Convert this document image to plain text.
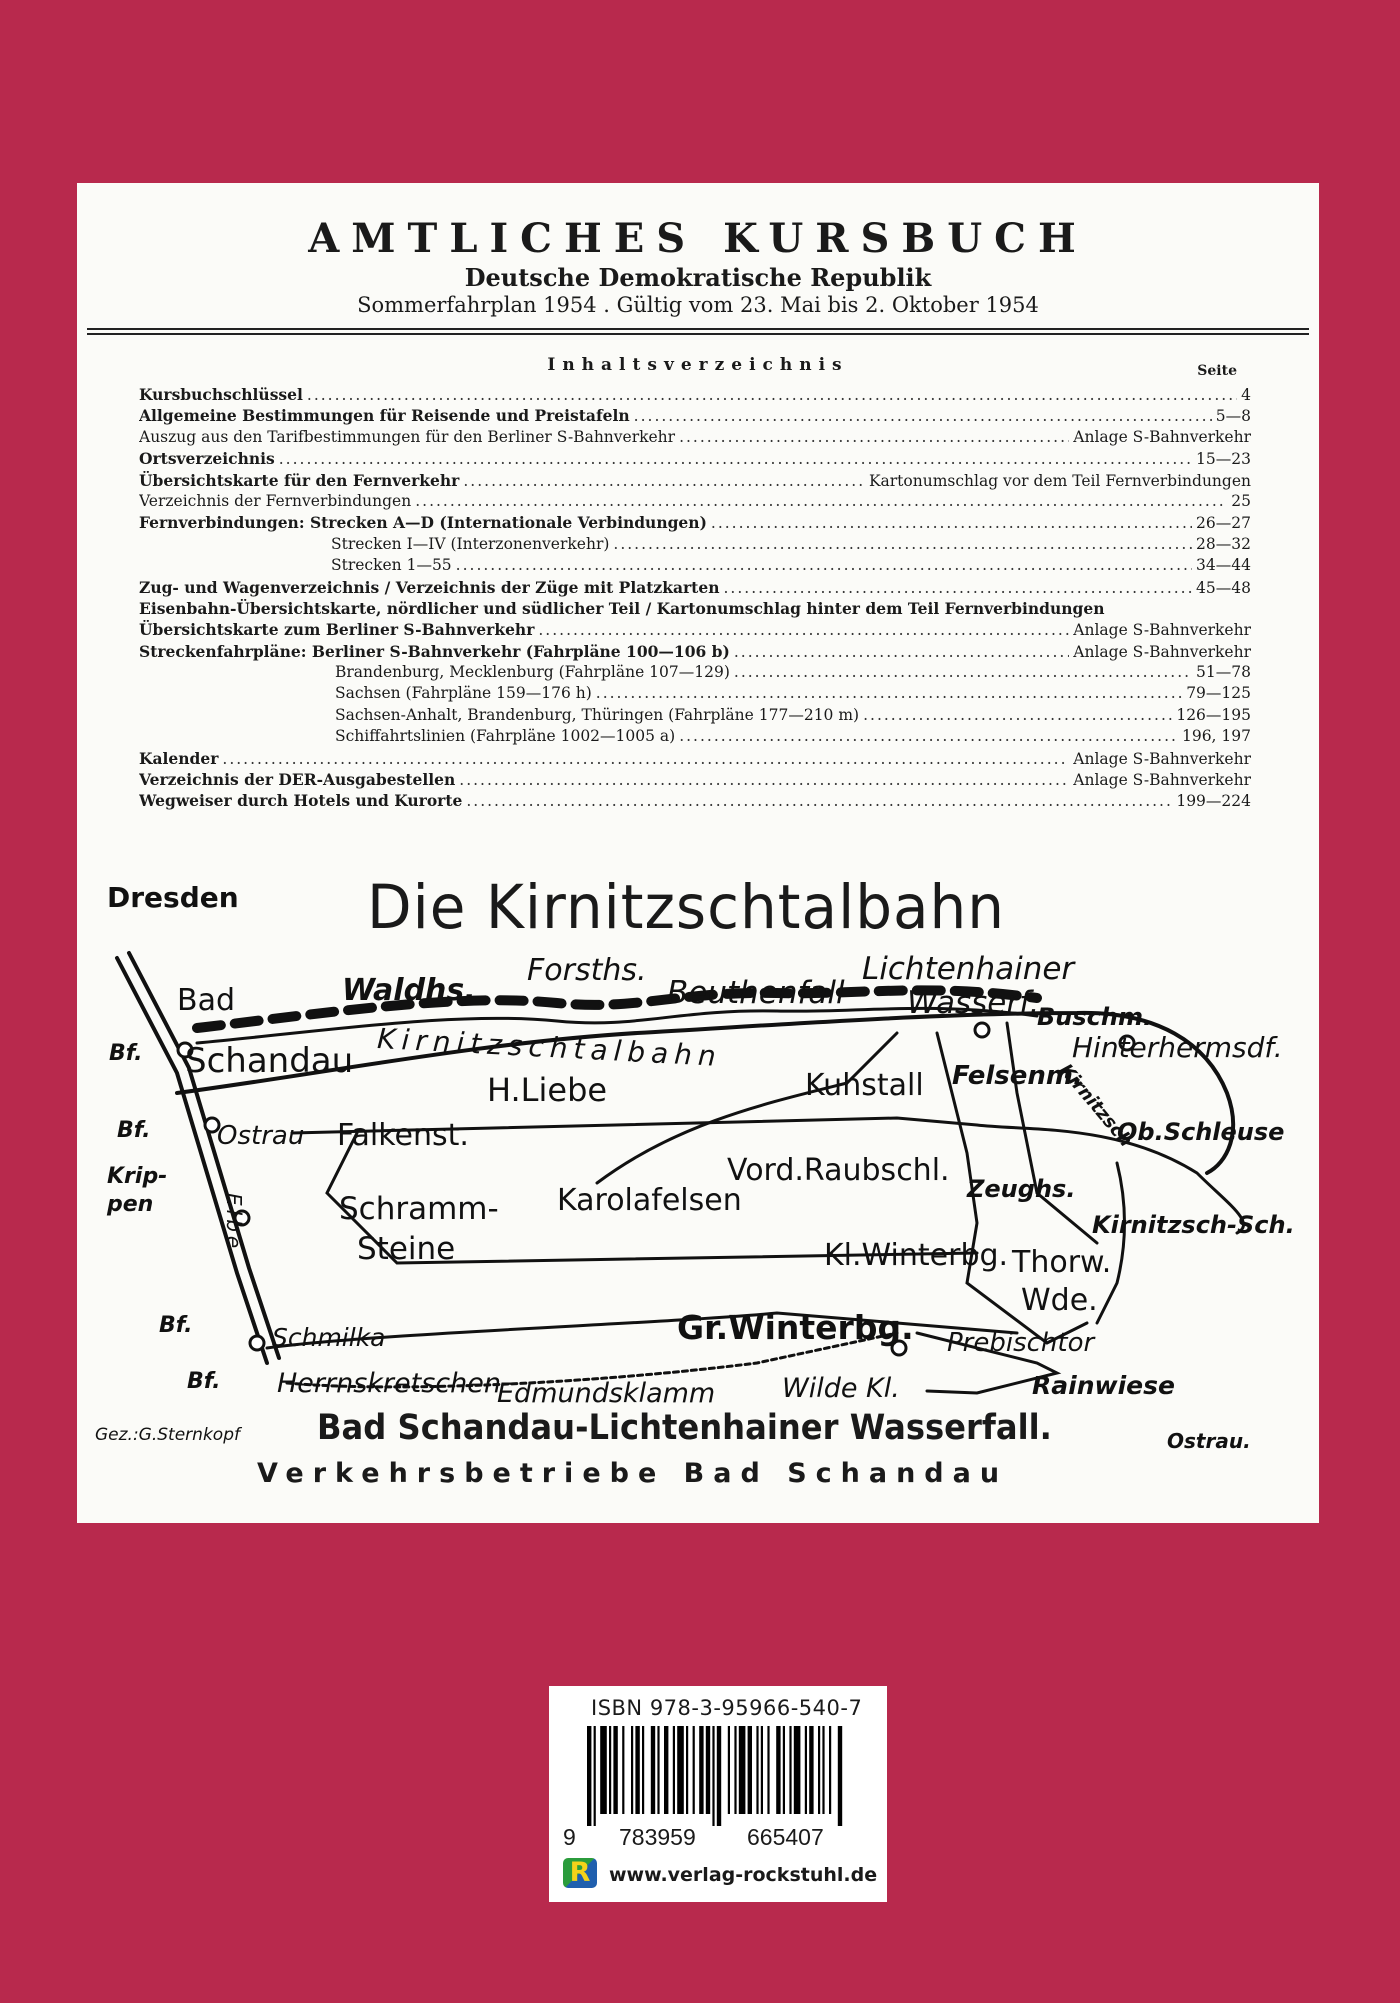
AMTLICHES KURSBUCH
Deutsche Demokratische Republik
Sommerfahrplan 1954 . Gültig vom 23. Mai bis 2. Oktober 1954
Inhaltsverzeichnis	Seite
Kursbuchschlüssel .....	4
Allgemeine Bestimmungen für Reisende und Preistafeln .....	5—8
Auszug aus den Tarifbestimmungen für den Berliner S-Bahnverkehr .....	Anlage S-Bahnverkehr
Ortsverzeichnis .....	15—23
Übersichtskarte für den Fernverkehr .....	Kartonumschlag vor dem Teil Fernverbindungen
Verzeichnis der Fernverbindungen .....	25
Fernverbindungen: Strecken A—D (Internationale Verbindungen) .....	26—27
Strecken I—IV (Interzonenverkehr) .....	28—32
Strecken 1—55 .....	34—44
Zug- und Wagenverzeichnis / Verzeichnis der Züge mit Platzkarten .....	45—48
Eisenbahn-Übersichtskarte, nördlicher und südlicher Teil / Kartonumschlag hinter dem Teil Fernverbindungen
Übersichtskarte zum Berliner S-Bahnverkehr .....	Anlage S-Bahnverkehr
Streckenfahrpläne: Berliner S-Bahnverkehr (Fahrpläne 100—106 b) .....	Anlage S-Bahnverkehr
Brandenburg, Mecklenburg (Fahrpläne 107—129) .....	51—78
Sachsen (Fahrpläne 159—176 h) .....	79—125
Sachsen-Anhalt, Brandenburg, Thüringen (Fahrpläne 177—210 m) .....	126—195
Schiffahrtslinien (Fahrpläne 1002—1005 a) .....	196, 197
Kalender .....	Anlage S-Bahnverkehr
Verzeichnis der DER-Ausgabestellen .....	Anlage S-Bahnverkehr
Wegweiser durch Hotels und Kurorte .....	199—224
Dresden Die Kirnitzschtalbahn
Bad
Schandau
Bf.
Bf.
Bf.
Bf.
Waldhs.
Forsths.
Beuthenfall
Lichtenhainer
Wasserf.
Buschm.
Hinterhermsdf.
Kirnitzschtalbahn
H.Liebe	Kuhstall Felsenm.
Kirnitzsch
Ob.Schleuse
Ostrau Falkenst.
Krip-
pen	Elbe
Vord.Raubschl.
Zeughs.
Kirnitzsch-Sch.
Schramm-
Steine
Karolafelsen
Kl.Winterbg. Thorw.
Wde.
Schmilka	Gr.Winterbg. Prebischtor
Herrnskretschen
Edmundsklamm Wilde Kl.	Rainwiese
Gez.:G.Sternkopf Bad Schandau-Lichtenhainer Wasserfall.	Ostrau.
Verkehrsbetriebe Bad Schandau
ISBN 978-3-95966-540-7
9 783959 665407
R www.verlag-rockstuhl.de
